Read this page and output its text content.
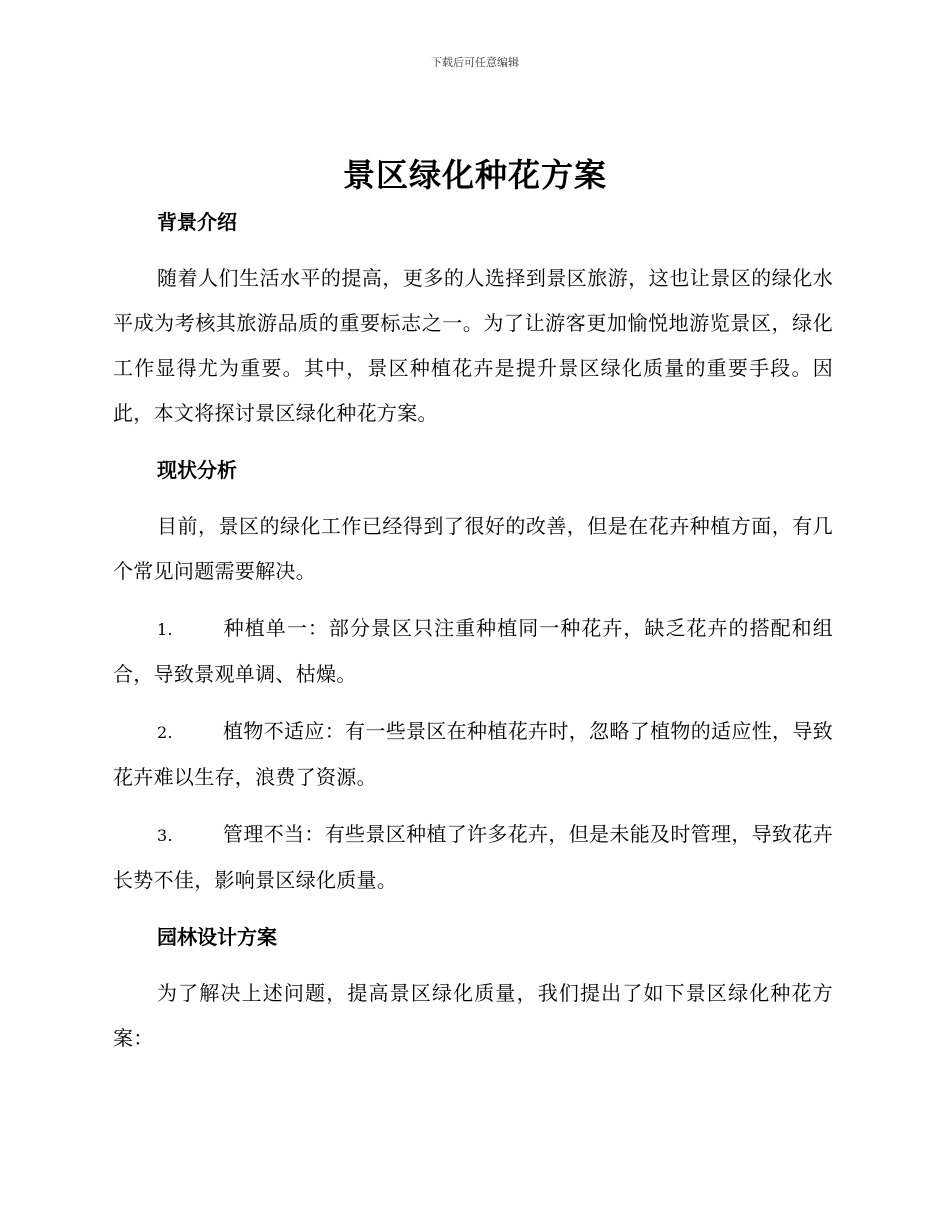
下载后可任意编辑
景区绿化种花方案
背景介绍

随着人们生活水平的提高，更多的人选择到景区旅游，这也让景区的绿化水平成为考核其旅游品质的重要标志之一。为了让游客更加愉悦地游览景区，绿化工作显得尤为重要。其中，景区种植花卉是提升景区绿化质量的重要手段。因此，本文将探讨景区绿化种花方案。

现状分析

目前，景区的绿化工作已经得到了很好的改善，但是在花卉种植方面，有几个常见问题需要解决。

1.	种植单一：部分景区只注重种植同一种花卉，缺乏花卉的搭配和组合，导致景观单调、枯燥。
2.	植物不适应：有一些景区在种植花卉时，忽略了植物的适应性，导致花卉难以生存，浪费了资源。
3.	管理不当：有些景区种植了许多花卉，但是未能及时管理，导致花卉长势不佳，影响景区绿化质量。
园林设计方案

为了解决上述问题，提高景区绿化质量，我们提出了如下景区绿化种花方案：
